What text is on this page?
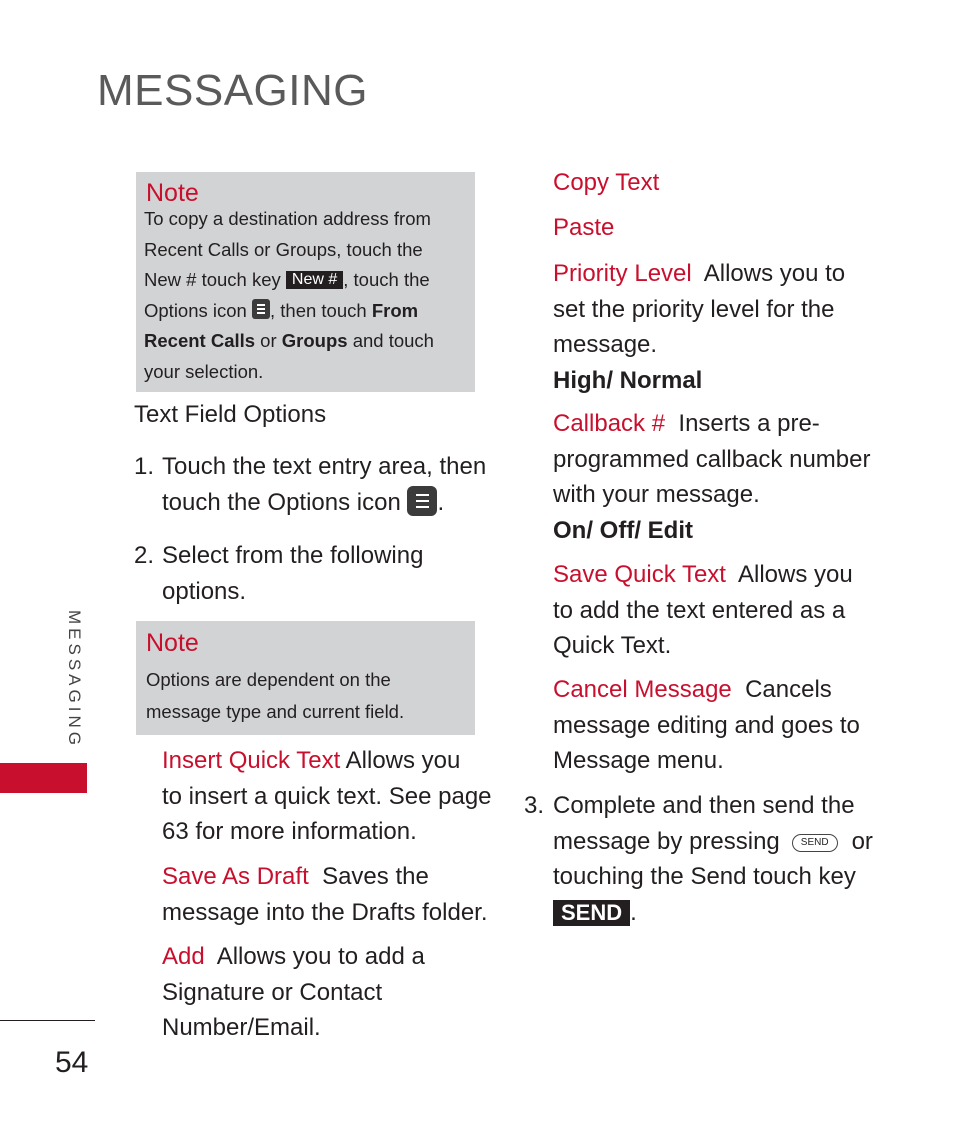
MESSAGING
MESSAGING
54
Note
To copy a destination address from
Recent Calls or Groups, touch the
New # touch key New # , touch the
Options icon
, then touch From
Recent Calls or Groups and touch
your selection.
Text Field Options
1. Touch the text entry area, then
touch the Options icon
.
2. Select from the following
options.
Note
Options are dependent on the
message type and current field.
Insert Quick Text Allows you
to insert a quick text. See page
63 for more information.
Save As Draft  Saves the
message into the Drafts folder.
Add  Allows you to add a
Signature or Contact
Number/Email.
Copy Text
Paste
Priority Level  Allows you to
set the priority level for the
message.
High/ Normal
Callback #  Inserts a pre-
programmed callback number
with your message.
On/ Off/ Edit
Save Quick Text  Allows you
to add the text entered as a
Quick Text.
Cancel Message  Cancels
message editing and goes to
Message menu.
3. Complete and then send the
message by pressing SEND or
touching the Send touch key
SEND .
